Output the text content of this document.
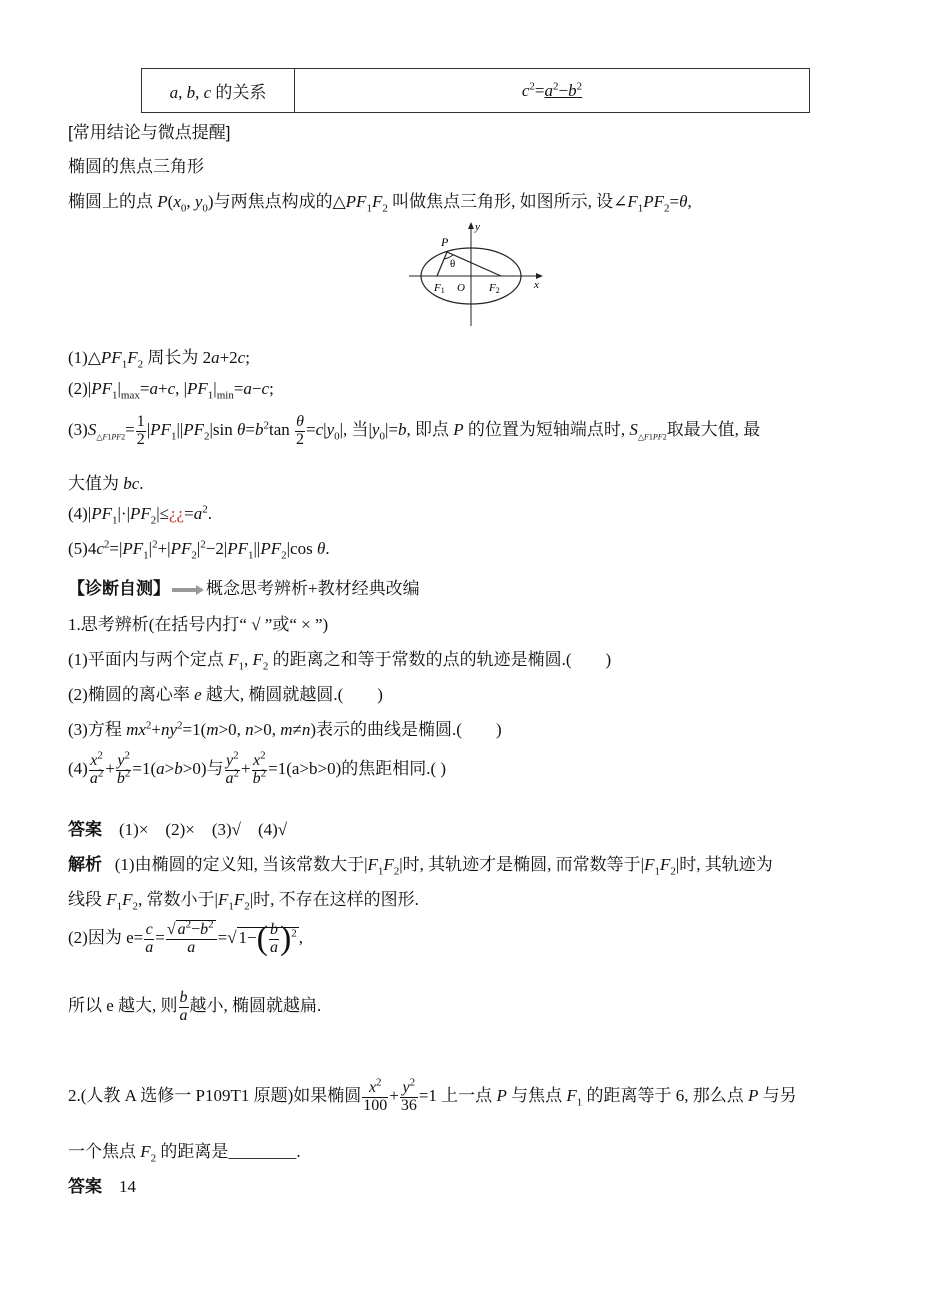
a, b, c 的关系	$c^2=a^2-b^2$
[常用结论与微点提醒]
椭圆的焦点三角形
椭圆上的点 $P(x_0$, $y_0$)与两焦点构成的$\triangle PF_1F_2$ 叫做焦点三角形, 如图所示, 设$\angle F_1PF_2=\theta$,
P
y
x
θ
F1 O F2
$(1)\triangle PF_1F_2$ 周长为 2a+2c;
$(2)|PF_1|_{max}=a+c$, $|PF_1|_{min}=a-c$;
$(3)S_{\triangle F1PF2}= \frac{1}{2} |PF_1||PF_2|\sin$ $\theta=b^2\tan \frac{\theta}{2} =c|y_0|$, 当$|y_0|=b$, 即点 P 的位置为短轴端点时, $S_{\triangle F1PF2}$取最大值, 最
大值为 bc.
$(4)|PF_1|\cdot|PF_2|\le¿¿=a^2$.
$(5)4c^2=|PF_1|^2+|PF_2|^2-2|PF_1||PF_2|\cos$ θ.
【诊断自测】 概念思考辨析+教材经典改编
1.思考辨析(在括号内打“ √ ”或“ × ”)
(1)平面内与两个定点 $F_1$, $F_2$ 的距离之和等于常数的点的轨迹是椭圆.(        )
(2)椭圆的离心率 e 越大, 椭圆就越圆.(        )
(3)方程 $mx^2+ny^2=1(m>0$, n>0, m≠n)表示的曲线是椭圆.(        )
$(4) \frac{x^2}{a^2} + \frac{y^2}{b^2} =1(a>b>0)$与 $\frac{y^2}{a^2} + \frac{x^2}{b^2} =1(a>b>0)$的焦距相同.( )
答案 (1)×    (2)×    (3)√    (4)√
解析   (1)由椭圆的定义知, 当该常数大于$|F_1F_2|$时, 其轨迹才是椭圆, 而常数等于$|F_1F_2|$时, 其轨迹为
线段 $F_1F_2$, 常数小于$|F_1F_2|$时, 不存在这样的图形.
(2)因为 $e= \frac{c}{a} = \frac{√ a^2-b^2}{a}$ =√ $1-( \frac{b}{a} )^2$ ,
所以 e 越大, 则 $\frac{b}{a}$ 越小, 椭圆就越扁.
2.(人教 A 选修一 P109T1 原题)如果椭圆 $\frac{x^2}{100} + \frac{y^2}{36} =1$ 上一点 P 与焦点 $F_1$ 的距离等于 6, 那么点 P 与另
一个焦点 $F_2$ 的距离是________.
答案 14
